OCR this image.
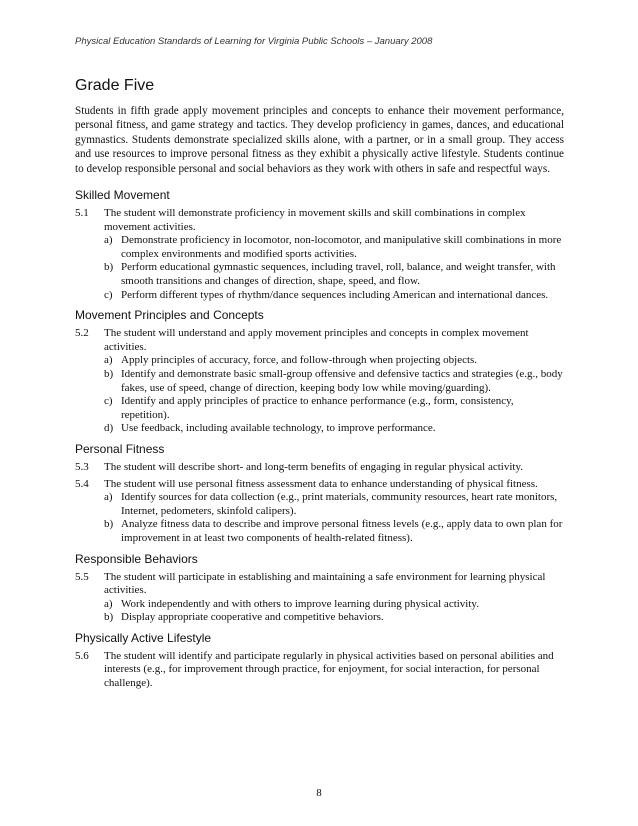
Physical Education Standards of Learning for Virginia Public Schools – January 2008
Grade Five

Students in fifth grade apply movement principles and concepts to enhance their movement performance, personal fitness, and game strategy and tactics. They develop proficiency in games, dances, and educational gymnastics. Students demonstrate specialized skills alone, with a partner, or in a small group. They access and use resources to improve personal fitness as they exhibit a physically active lifestyle. Students continue to develop responsible personal and social behaviors as they work with others in safe and respectful ways.

Skilled Movement
5.1	The student will demonstrate proficiency in movement skills and skill combinations in complex movement activities.
a) Demonstrate proficiency in locomotor, non-locomotor, and manipulative skill combinations in more complex environments and modified sports activities.
b) Perform educational gymnastic sequences, including travel, roll, balance, and weight transfer, with smooth transitions and changes of direction, shape, speed, and flow.
c) Perform different types of rhythm/dance sequences including American and international dances.
Movement Principles and Concepts
5.2	The student will understand and apply movement principles and concepts in complex movement activities.
a) Apply principles of accuracy, force, and follow-through when projecting objects.
b) Identify and demonstrate basic small-group offensive and defensive tactics and strategies (e.g., body fakes, use of speed, change of direction, keeping body low while moving/guarding).
c) Identify and apply principles of practice to enhance performance (e.g., form, consistency, repetition).
d) Use feedback, including available technology, to improve performance.
Personal Fitness
5.3	The student will describe short- and long-term benefits of engaging in regular physical activity.
5.4	The student will use personal fitness assessment data to enhance understanding of physical fitness.
a) Identify sources for data collection (e.g., print materials, community resources, heart rate monitors, Internet, pedometers, skinfold calipers).
b) Analyze fitness data to describe and improve personal fitness levels (e.g., apply data to own plan for improvement in at least two components of health-related fitness).
Responsible Behaviors
5.5	The student will participate in establishing and maintaining a safe environment for learning physical activities.
a) Work independently and with others to improve learning during physical activity.
b) Display appropriate cooperative and competitive behaviors.
Physically Active Lifestyle
5.6	The student will identify and participate regularly in physical activities based on personal abilities and interests (e.g., for improvement through practice, for enjoyment, for social interaction, for personal challenge).
8
